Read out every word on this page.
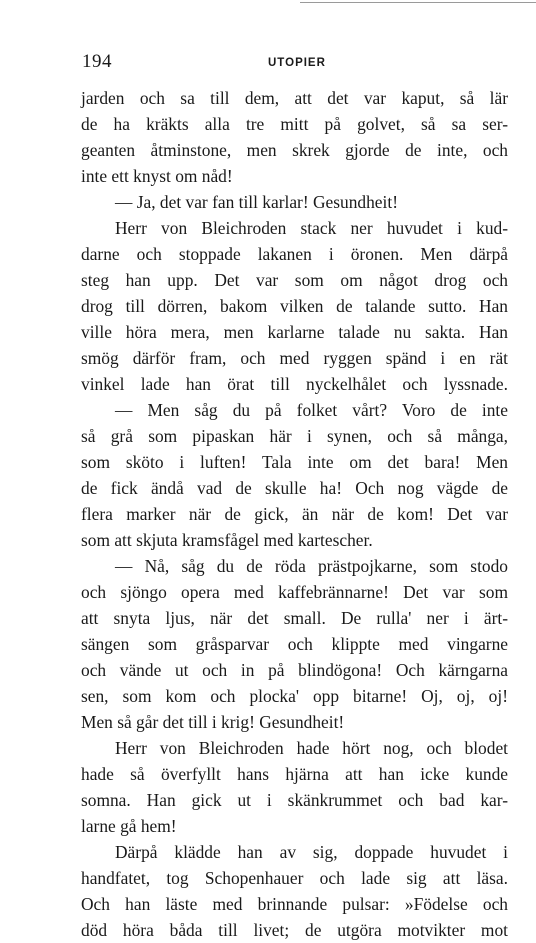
194	UTOPIER
jarden och sa till dem, att det var kaput, så lär
de ha kräkts alla tre mitt på golvet, så sa ser-
geanten åtminstone, men skrek gjorde de inte, och
inte ett knyst om nåd!
— Ja, det var fan till karlar! Gesundheit!
Herr von Bleichroden stack ner huvudet i kud-
darne och stoppade lakanen i öronen. Men därpå
steg han upp. Det var som om något drog och
drog till dörren, bakom vilken de talande sutto. Han
ville höra mera, men karlarne talade nu sakta. Han
smög därför fram, och med ryggen spänd i en rät
vinkel lade han örat till nyckelhålet och lyssnade.
— Men såg du på folket vårt? Voro de inte
så grå som pipaskan här i synen, och så många,
som sköto i luften! Tala inte om det bara! Men
de fick ändå vad de skulle ha! Och nog vägde de
flera marker när de gick, än när de kom! Det var
som att skjuta kramsfågel med kartescher.
— Nå, såg du de röda prästpojkarne, som stodo
och sjöngo opera med kaffebrännarne! Det var som
att snyta ljus, när det small. De rulla' ner i ärt-
sängen som gråsparvar och klippte med vingarne
och vände ut och in på blindögona! Och kärngarna
sen, som kom och plocka' opp bitarne! Oj, oj, oj!
Men så går det till i krig! Gesundheit!
Herr von Bleichroden hade hört nog, och blodet
hade så överfyllt hans hjärna att han icke kunde
somna. Han gick ut i skänkrummet och bad kar-
larne gå hem!
Därpå klädde han av sig, doppade huvudet i
handfatet, tog Schopenhauer och lade sig att läsa.
Och han läste med brinnande pulsar: »Födelse och
död höra båda till livet; de utgöra motvikter mot
